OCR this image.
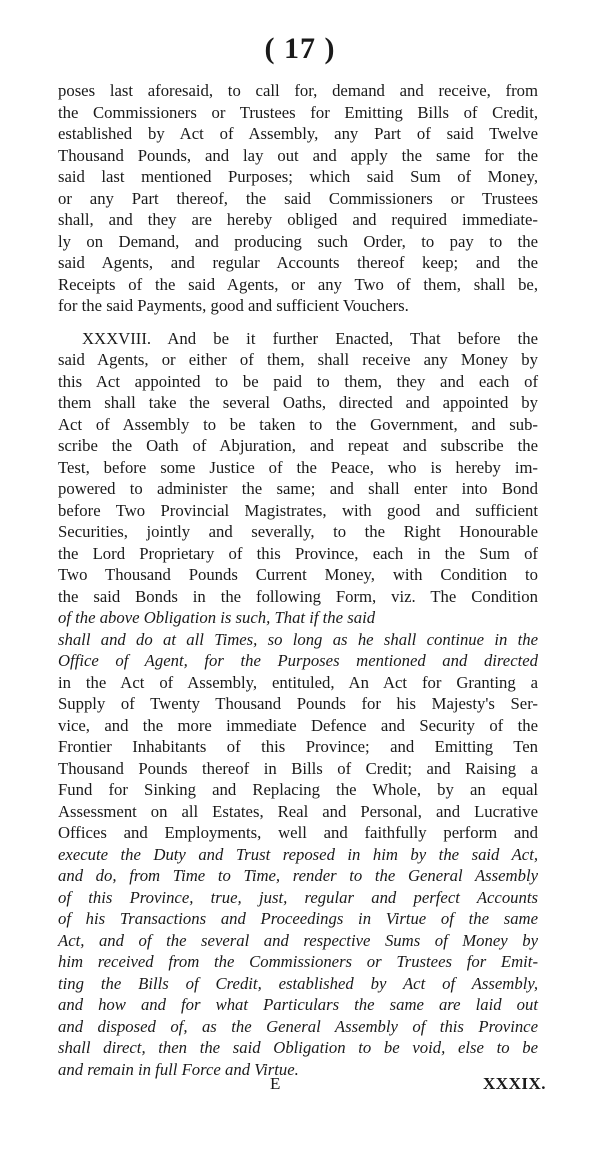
( 17 )
poses last aforesaid, to call for, demand and receive, from
the Commissioners or Trustees for Emitting Bills of Credit,
established by Act of Assembly, any Part of said Twelve
Thousand Pounds, and lay out and apply the same for the
said last mentioned Purposes; which said Sum of Money,
or any Part thereof, the said Commissioners or Trustees
shall, and they are hereby obliged and required immediate-
ly on Demand, and producing such Order, to pay to the
said Agents, and regular Accounts thereof keep; and the
Receipts of the said Agents, or any Two of them, shall be,
for the said Payments, good and sufficient Vouchers.
XXXVIII. And be it further Enacted, That before the
said Agents, or either of them, shall receive any Money by
this Act appointed to be paid to them, they and each of
them shall take the several Oaths, directed and appointed by
Act of Assembly to be taken to the Government, and sub-
scribe the Oath of Abjuration, and repeat and subscribe the
Test, before some Justice of the Peace, who is hereby im-
powered to administer the same; and shall enter into Bond
before Two Provincial Magistrates, with good and sufficient
Securities, jointly and severally, to the Right Honourable
the Lord Proprietary of this Province, each in the Sum of
Two Thousand Pounds Current Money, with Condition to
the said Bonds in the following Form, viz. The Condition
of the above Obligation is such, That if the said
shall and do at all Times, so long as he shall continue in the
Office of Agent, for the Purposes mentioned and directed
in the Act of Assembly, entituled, An Act for Granting a
Supply of Twenty Thousand Pounds for his Majesty's Ser-
vice, and the more immediate Defence and Security of the
Frontier Inhabitants of this Province; and Emitting Ten
Thousand Pounds thereof in Bills of Credit; and Raising a
Fund for Sinking and Replacing the Whole, by an equal
Assessment on all Estates, Real and Personal, and Lucrative
Offices and Employments, well and faithfully perform and
execute the Duty and Trust reposed in him by the said Act,
and do, from Time to Time, render to the General Assembly
of this Province, true, just, regular and perfect Accounts
of his Transactions and Proceedings in Virtue of the same
Act, and of the several and respective Sums of Money by
him received from the Commissioners or Trustees for Emit-
ting the Bills of Credit, established by Act of Assembly,
and how and for what Particulars the same are laid out
and disposed of, as the General Assembly of this Province
shall direct, then the said Obligation to be void, else to be
and remain in full Force and Virtue.
E	XXXIX.
